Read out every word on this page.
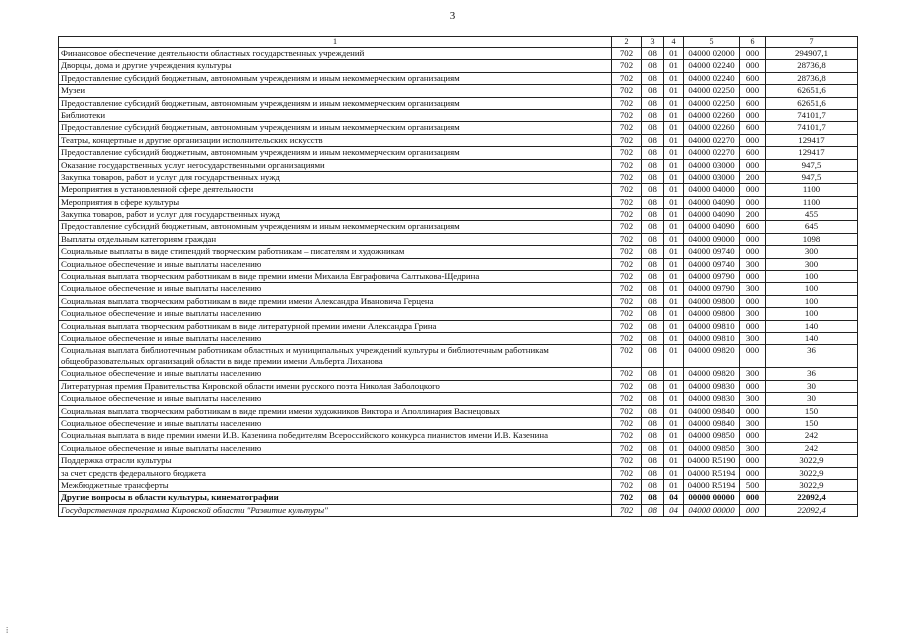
3
1	2	3	4	5	6	7
Финансовое обеспечение деятельности областных государственных учреждений	702	08	01	04000 02000	000	294907,1
Дворцы, дома и другие учреждения культуры	702	08	01	04000 02240	000	28736,8
Предоставление субсидий бюджетным, автономным учреждениям и иным некоммерческим организациям	702	08	01	04000 02240	600	28736,8
Музеи	702	08	01	04000 02250	000	62651,6
Предоставление субсидий бюджетным, автономным учреждениям и иным некоммерческим организациям	702	08	01	04000 02250	600	62651,6
Библиотеки	702	08	01	04000 02260	000	74101,7
Предоставление субсидий бюджетным, автономным учреждениям и иным некоммерческим организациям	702	08	01	04000 02260	600	74101,7
Театры, концертные и другие организации исполнительских искусств	702	08	01	04000 02270	000	129417
Предоставление субсидий бюджетным, автономным учреждениям и иным некоммерческим организациям	702	08	01	04000 02270	600	129417
Оказание государственных услуг негосударственными организациями	702	08	01	04000 03000	000	947,5
Закупка товаров, работ и услуг для государственных нужд	702	08	01	04000 03000	200	947,5
Мероприятия в установленной сфере деятельности	702	08	01	04000 04000	000	1100
Мероприятия в сфере культуры	702	08	01	04000 04090	000	1100
Закупка товаров, работ и услуг для государственных нужд	702	08	01	04000 04090	200	455
Предоставление субсидий бюджетным, автономным учреждениям и иным некоммерческим организациям	702	08	01	04000 04090	600	645
Выплаты отдельным категориям граждан	702	08	01	04000 09000	000	1098
Социальные выплаты в виде стипендий творческим работникам – писателям и художникам	702	08	01	04000 09740	000	300
Социальное обеспечение и иные выплаты населению	702	08	01	04000 09740	300	300
Социальная выплата творческим работникам в виде премии имени Михаила Евграфовича Салтыкова-Щедрина	702	08	01	04000 09790	000	100
Социальное обеспечение и иные выплаты населению	702	08	01	04000 09790	300	100
Социальная выплата творческим работникам в виде премии имени Александра Ивановича Герцена	702	08	01	04000 09800	000	100
Социальное обеспечение и иные выплаты населению	702	08	01	04000 09800	300	100
Социальная выплата творческим работникам в виде литературной премии имени Александра Грина	702	08	01	04000 09810	000	140
Социальное обеспечение и иные выплаты населению	702	08	01	04000 09810	300	140
Социальная выплата библиотечным работникам областных и муниципальных учреждений культуры и библиотечным работникам общеобразовательных организаций области в виде премии имени Альберта Лиханова	702	08	01	04000 09820	000	36
Социальное обеспечение и иные выплаты населению	702	08	01	04000 09820	300	36
Литературная премия Правительства Кировской области имени русского поэта Николая Заболоцкого	702	08	01	04000 09830	000	30
Социальное обеспечение и иные выплаты населению	702	08	01	04000 09830	300	30
Социальная выплата творческим работникам в виде премии имени художников Виктора и Аполлинария Васнецовых	702	08	01	04000 09840	000	150
Социальное обеспечение и иные выплаты населению	702	08	01	04000 09840	300	150
Социальная выплата в виде премии имени И.В. Казенина победителям Всероссийского конкурса пианистов имени И.В. Казенина	702	08	01	04000 09850	000	242
Социальное обеспечение и иные выплаты населению	702	08	01	04000 09850	300	242
Поддержка отрасли культуры	702	08	01	04000 R5190	000	3022,9
за счет средств федерального бюджета	702	08	01	04000 R5194	000	3022,9
Межбюджетные трансферты	702	08	01	04000 R5194	500	3022,9
Другие вопросы в области культуры, кинематографии	702	08	04	00000 00000	000	22092,4
Государственная программа Кировской области "Развитие культуры"	702	08	04	04000 00000	000	22092,4
⁞
